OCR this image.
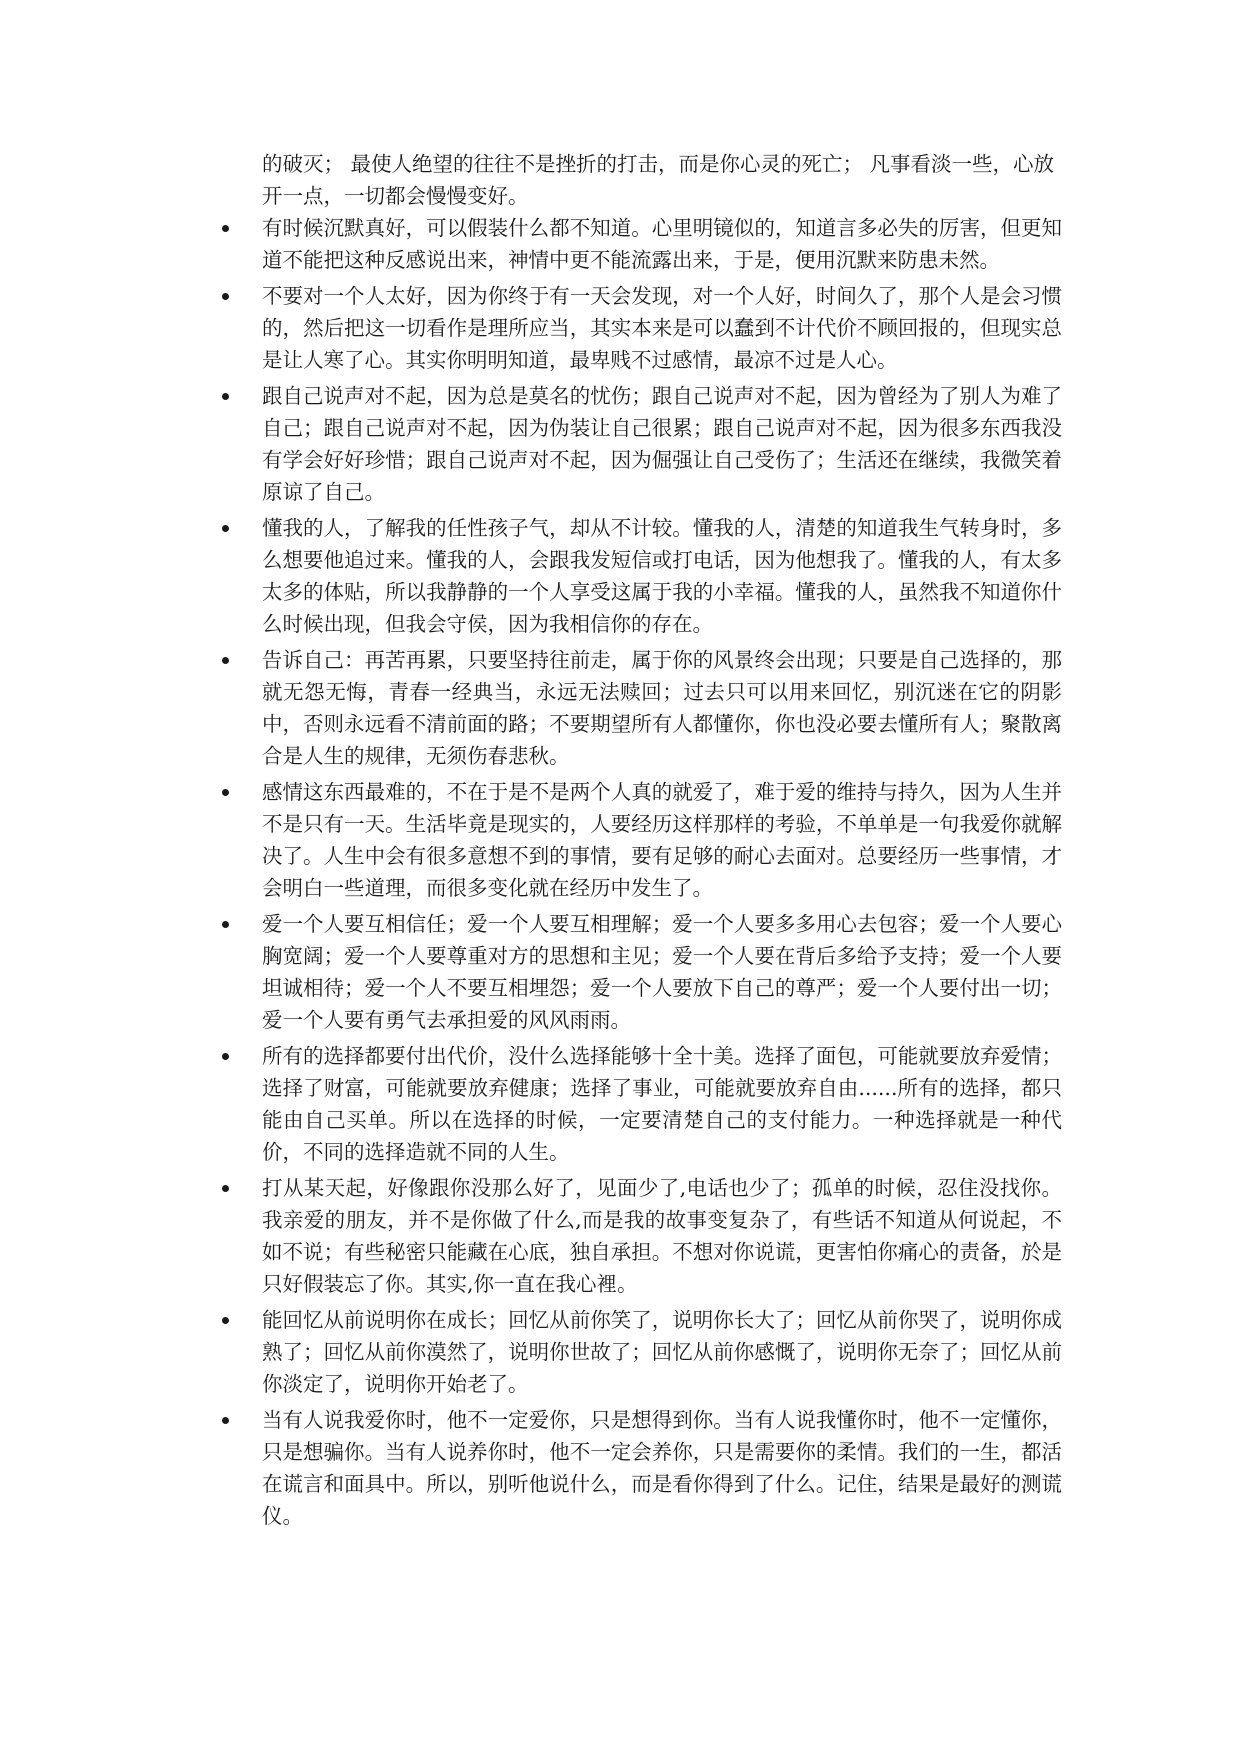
的破灭； 最使人绝望的往往不是挫折的打击，而是你心灵的死亡； 凡事看淡一些，心放开一点，一切都会慢慢变好。

有时候沉默真好，可以假装什么都不知道。心里明镜似的，知道言多必失的厉害，但更知道不能把这种反感说出来，神情中更不能流露出来，于是，便用沉默来防患未然。
不要对一个人太好，因为你终于有一天会发现，对一个人好，时间久了，那个人是会习惯的，然后把这一切看作是理所应当，其实本来是可以蠢到不计代价不顾回报的，但现实总是让人寒了心。其实你明明知道，最卑贱不过感情，最凉不过是人心。
跟自己说声对不起，因为总是莫名的忧伤；跟自己说声对不起，因为曾经为了别人为难了自己；跟自己说声对不起，因为伪装让自己很累；跟自己说声对不起，因为很多东西我没有学会好好珍惜；跟自己说声对不起，因为倔强让自己受伤了；生活还在继续，我微笑着原谅了自己。
懂我的人，了解我的任性孩子气，却从不计较。懂我的人，清楚的知道我生气转身时，多么想要他追过来。懂我的人，会跟我发短信或打电话，因为他想我了。懂我的人，有太多太多的体贴，所以我静静的一个人享受这属于我的小幸福。懂我的人，虽然我不知道你什么时候出现，但我会守侯，因为我相信你的存在。
告诉自己：再苦再累，只要坚持往前走，属于你的风景终会出现；只要是自己选择的，那就无怨无悔，青春一经典当，永远无法赎回；过去只可以用来回忆，别沉迷在它的阴影中，否则永远看不清前面的路；不要期望所有人都懂你，你也没必要去懂所有人；聚散离合是人生的规律，无须伤春悲秋。
感情这东西最难的，不在于是不是两个人真的就爱了，难于爱的维持与持久，因为人生并不是只有一天。生活毕竟是现实的，人要经历这样那样的考验，不单单是一句我爱你就解决了。人生中会有很多意想不到的事情，要有足够的耐心去面对。总要经历一些事情，才会明白一些道理，而很多变化就在经历中发生了。
爱一个人要互相信任；爱一个人要互相理解；爱一个人要多多用心去包容；爱一个人要心胸宽阔；爱一个人要尊重对方的思想和主见；爱一个人要在背后多给予支持；爱一个人要坦诚相待；爱一个人不要互相埋怨；爱一个人要放下自己的尊严；爱一个人要付出一切；爱一个人要有勇气去承担爱的风风雨雨。
所有的选择都要付出代价，没什么选择能够十全十美。选择了面包，可能就要放弃爱情；选择了财富，可能就要放弃健康；选择了事业，可能就要放弃自由......所有的选择，都只能由自己买单。所以在选择的时候，一定要清楚自己的支付能力。一种选择就是一种代价，不同的选择造就不同的人生。
打从某天起，好像跟你没那么好了，见面少了,电话也少了；孤单的时候，忍住没找你。我亲爱的朋友，并不是你做了什么,而是我的故事变复杂了，有些话不知道从何说起，不如不说；有些秘密只能藏在心底，独自承担。不想对你说谎，更害怕你痛心的责备，於是只好假装忘了你。其实,你一直在我心裡。
能回忆从前说明你在成长；回忆从前你笑了，说明你长大了；回忆从前你哭了，说明你成熟了；回忆从前你漠然了，说明你世故了；回忆从前你感慨了，说明你无奈了；回忆从前你淡定了，说明你开始老了。
当有人说我爱你时，他不一定爱你，只是想得到你。当有人说我懂你时，他不一定懂你，只是想骗你。当有人说养你时，他不一定会养你，只是需要你的柔情。我们的一生，都活在谎言和面具中。所以，别听他说什么，而是看你得到了什么。记住，结果是最好的测谎仪。
